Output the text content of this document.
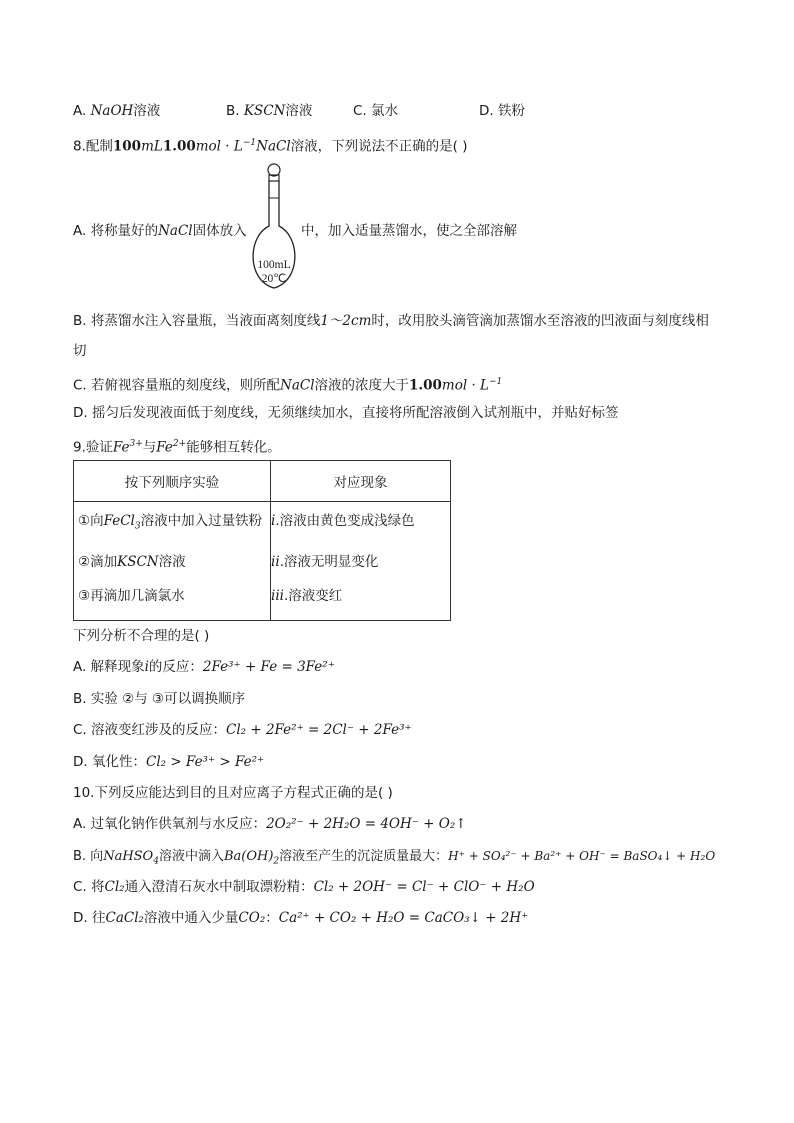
A. NaOH溶液	B. KSCN溶液	C. 氯水	D. 铁粉
8.配制$100mL1.00mol \cdot L^{-1}NaCl$溶液，下列说法不正确的是( )
A. 将称量好的NaCl固体放入
100mL
20℃
中，加入适量蒸馏水，使之全部溶解
B. 将蒸馏水注入容量瓶，当液面离刻度线1～2cm时，改用胶头滴管滴加蒸馏水至溶液的凹液面与刻度线相
切
C. 若俯视容量瓶的刻度线，则所配NaCl溶液的浓度大于$1.00mol \cdot L^{-1}$
D. 摇匀后发现液面低于刻度线，无须继续加水，直接将所配溶液倒入试剂瓶中，并贴好标签
9.验证$Fe^{3+}$与$Fe^{2+}$能够相互转化。
按下列顺序实验	对应现象

①向FeCl$_3$溶液中加入过量铁粉	i.溶液由黄色变成浅绿色

②滴加KSCN溶液	ii.溶液无明显变化

③再滴加几滴氯水	iii.溶液变红
下列分析不合理的是( )
A. 解释现象i的反应：2Fe³⁺ + Fe = 3Fe²⁺
B. 实验 ②与 ③可以调换顺序
C. 溶液变红涉及的反应：Cl₂ + 2Fe²⁺ = 2Cl⁻ + 2Fe³⁺
D. 氧化性：Cl₂ > Fe³⁺ > Fe²⁺
10.下列反应能达到目的且对应离子方程式正确的是( )
A. 过氧化钠作供氧剂与水反应：2O₂²⁻ + 2H₂O = 4OH⁻ + O₂↑
B. 向NaHSO$_4$溶液中滴入$Ba(OH)_2$溶液至产生的沉淀质量最大：H⁺ + SO₄²⁻ + Ba²⁺ + OH⁻ = BaSO₄↓ + H₂O
C. 将Cl₂通入澄清石灰水中制取漂粉精：Cl₂ + 2OH⁻ = Cl⁻ + ClO⁻ + H₂O
D. 往CaCl₂溶液中通入少量CO₂：Ca²⁺ + CO₂ + H₂O = CaCO₃↓ + 2H⁺
